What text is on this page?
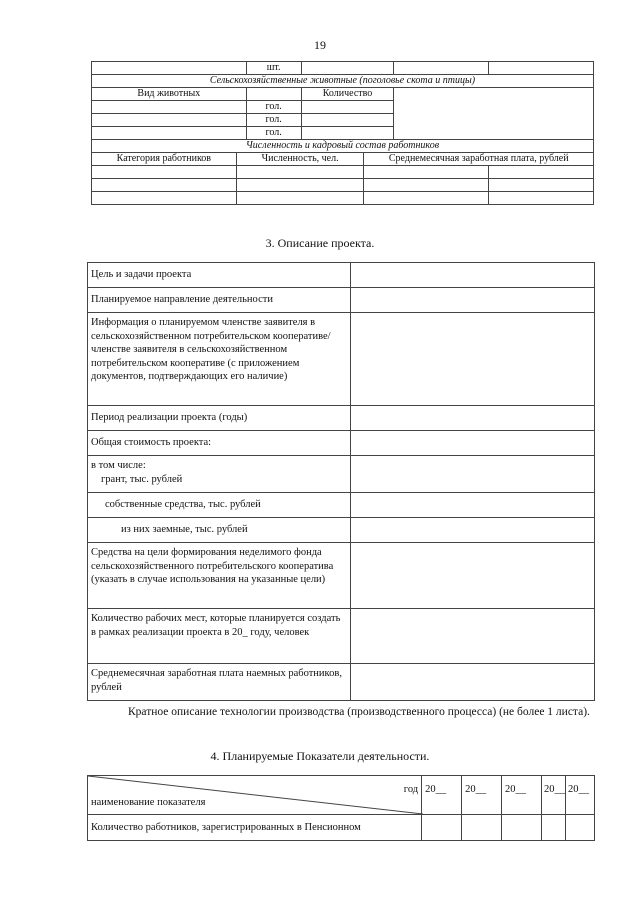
19
		шт.				
Сельскохозяйственные животные (поголовье скота и птицы)						
Вид животных			Количество			
		гол.				
		гол.				
		гол.				
Численность и кадровый состав работников						
Категория работников	Численность, чел.			Среднемесячная заработная плата, рублей		

3. Описание проекта.
Цель и задачи проекта	
Планируемое направление деятельности	
Информация о планируемом членстве заявителя в сельскохозяйственном потребительском кооперативе/членстве заявителя в сельскохозяйственном потребительском кооперативе (с приложением документов, подтверждающих его наличие)	
Период реализации проекта (годы)	
Общая стоимость проекта:	

в том числе:
грант, тыс. рублей	

собственные средства, тыс. рублей	
из них заемные, тыс. рублей	
Средства на цели формирования неделимого фонда сельскохозяйственного потребительского кооператива (указать в случае использования на указанные цели)	
Количество рабочих мест, которые планируется создать в рамках реализации проекта в 20_ году, человек	
Среднемесячная заработная плата наемных работников, рублей	
Кратное описание технологии производства (производственного процесса) (не более 1 листа).
4. Планируемые Показатели деятельности.
год
наименование показателя	20__	20__	20__	20__	20__
Количество работников, зарегистрированных в Пенсионном					
